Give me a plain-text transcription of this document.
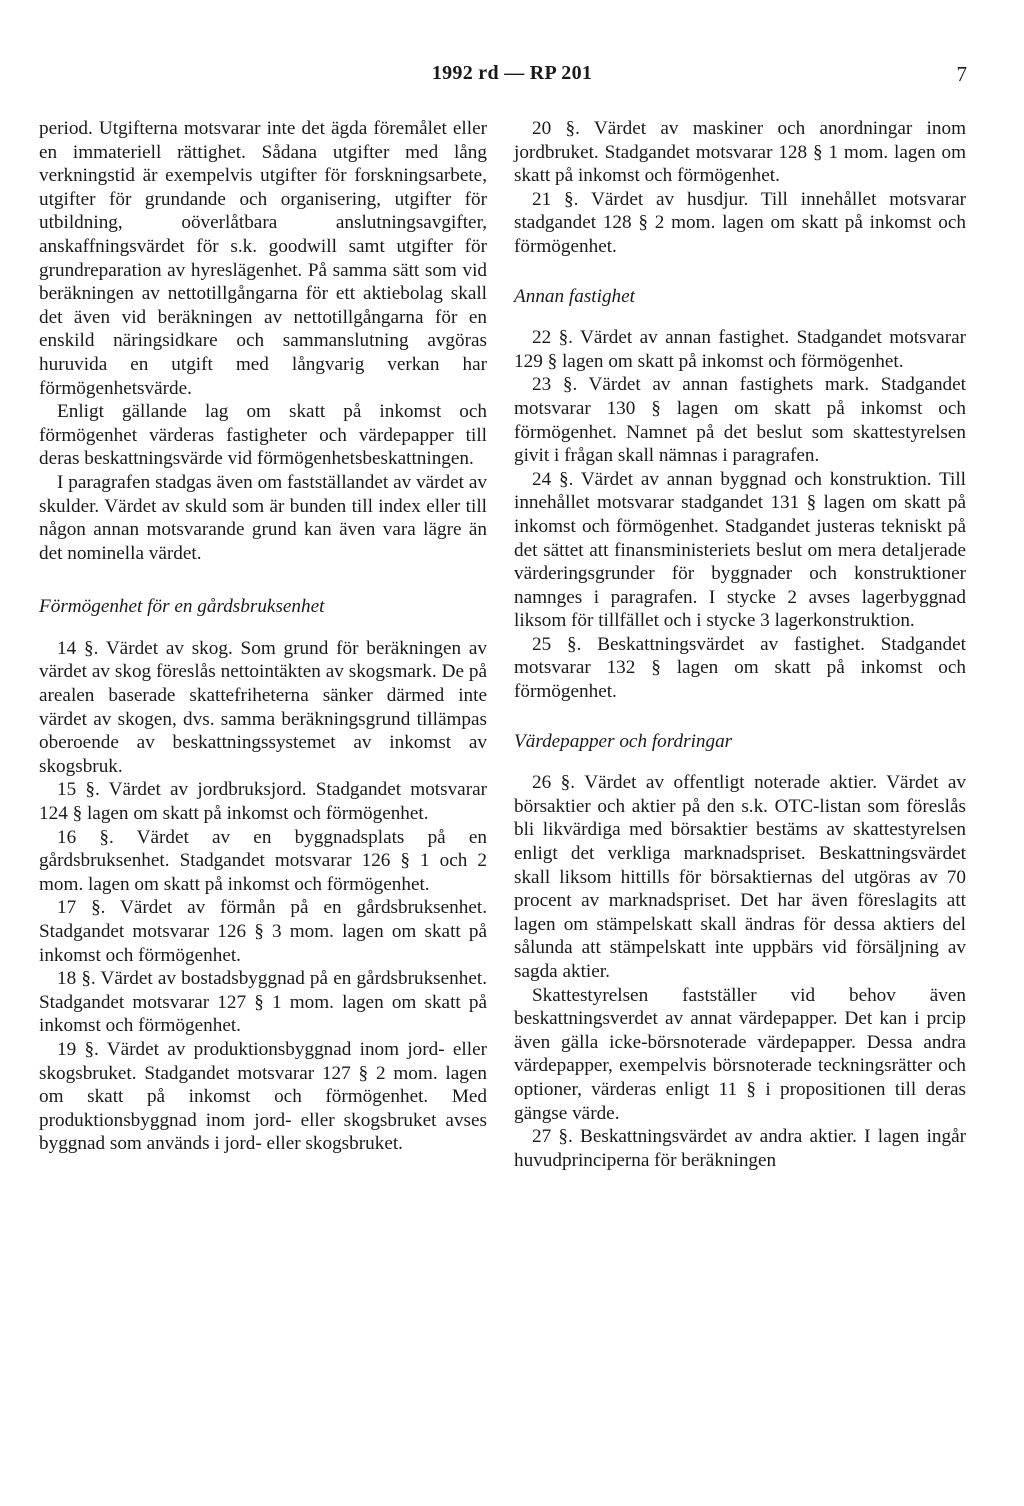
1992 rd — RP 201	7

period. Utgifterna motsvarar inte det ägda föremålet eller en immateriell rättighet. Sådana utgifter med lång verkningstid är exempelvis utgifter för forskningsarbete, utgifter för grundande och organisering, utgifter för utbildning, oöverlåtbara anslutningsavgifter, anskaffningsvärdet för s.k. goodwill samt utgifter för grundreparation av hyreslägenhet. På samma sätt som vid beräkningen av nettotillgångarna för ett aktiebolag skall det även vid beräkningen av nettotillgångarna för en enskild näringsidkare och sammanslutning avgöras huruvida en utgift med långvarig verkan har förmögenhetsvärde.

Enligt gällande lag om skatt på inkomst och förmögenhet värderas fastigheter och värdepapper till deras beskattningsvärde vid förmögenhetsbeskattningen.

I paragrafen stadgas även om fastställandet av värdet av skulder. Värdet av skuld som är bunden till index eller till någon annan motsvarande grund kan även vara lägre än det nominella värdet.

Förmögenhet för en gårdsbruksenhet

14 §. Värdet av skog. Som grund för beräkningen av värdet av skog föreslås nettointäkten av skogsmark. De på arealen baserade skattefriheterna sänker därmed inte värdet av skogen, dvs. samma beräkningsgrund tillämpas oberoende av beskattningssystemet av inkomst av skogsbruk.

15 §. Värdet av jordbruksjord. Stadgandet motsvarar 124 § lagen om skatt på inkomst och förmögenhet.

16 §. Värdet av en byggnadsplats på en gårdsbruksenhet. Stadgandet motsvarar 126 § 1 och 2 mom. lagen om skatt på inkomst och förmögenhet.

17 §. Värdet av förmån på en gårdsbruksenhet. Stadgandet motsvarar 126 § 3 mom. lagen om skatt på inkomst och förmögenhet.

18 §. Värdet av bostadsbyggnad på en gårdsbruksenhet. Stadgandet motsvarar 127 § 1 mom. lagen om skatt på inkomst och förmögenhet.

19 §. Värdet av produktionsbyggnad inom jord- eller skogsbruket. Stadgandet motsvarar 127 § 2 mom. lagen om skatt på inkomst och förmögenhet. Med produktionsbyggnad inom jord- eller skogsbruket avses byggnad som används i jord- eller skogsbruket.

20 §. Värdet av maskiner och anordningar inom jordbruket. Stadgandet motsvarar 128 § 1 mom. lagen om skatt på inkomst och förmögenhet.

21 §. Värdet av husdjur. Till innehållet motsvarar stadgandet 128 § 2 mom. lagen om skatt på inkomst och förmögenhet.

Annan fastighet

22 §. Värdet av annan fastighet. Stadgandet motsvarar 129 § lagen om skatt på inkomst och förmögenhet.

23 §. Värdet av annan fastighets mark. Stadgandet motsvarar 130 § lagen om skatt på inkomst och förmögenhet. Namnet på det beslut som skattestyrelsen givit i frågan skall nämnas i paragrafen.

24 §. Värdet av annan byggnad och konstruktion. Till innehållet motsvarar stadgandet 131 § lagen om skatt på inkomst och förmögenhet. Stadgandet justeras tekniskt på det sättet att finansministeriets beslut om mera detaljerade värderingsgrunder för byggnader och konstruktioner namnges i paragrafen. I stycke 2 avses lagerbyggnad liksom för tillfället och i stycke 3 lagerkonstruktion.

25 §. Beskattningsvärdet av fastighet. Stadgandet motsvarar 132 § lagen om skatt på inkomst och förmögenhet.

Värdepapper och fordringar

26 §. Värdet av offentligt noterade aktier. Värdet av börsaktier och aktier på den s.k. OTC-listan som föreslås bli likvärdiga med börsaktier bestäms av skattestyrelsen enligt det verkliga marknadspriset. Beskattningsvärdet skall liksom hittills för börsaktiernas del utgöras av 70 procent av marknadspriset. Det har även föreslagits att lagen om stämpelskatt skall ändras för dessa aktiers del sålunda att stämpelskatt inte uppbärs vid försäljning av sagda aktier.

Skattestyrelsen fastställer vid behov även beskattningsverdet av annat värdepapper. Det kan i prcip även gälla icke-börsnoterade värdepapper. Dessa andra värdepapper, exempelvis börsnoterade teckningsrätter och optioner, värderas enligt 11 § i propositionen till deras gängse värde.

27 §. Beskattningsvärdet av andra aktier. I lagen ingår huvudprinciperna för beräkningen
